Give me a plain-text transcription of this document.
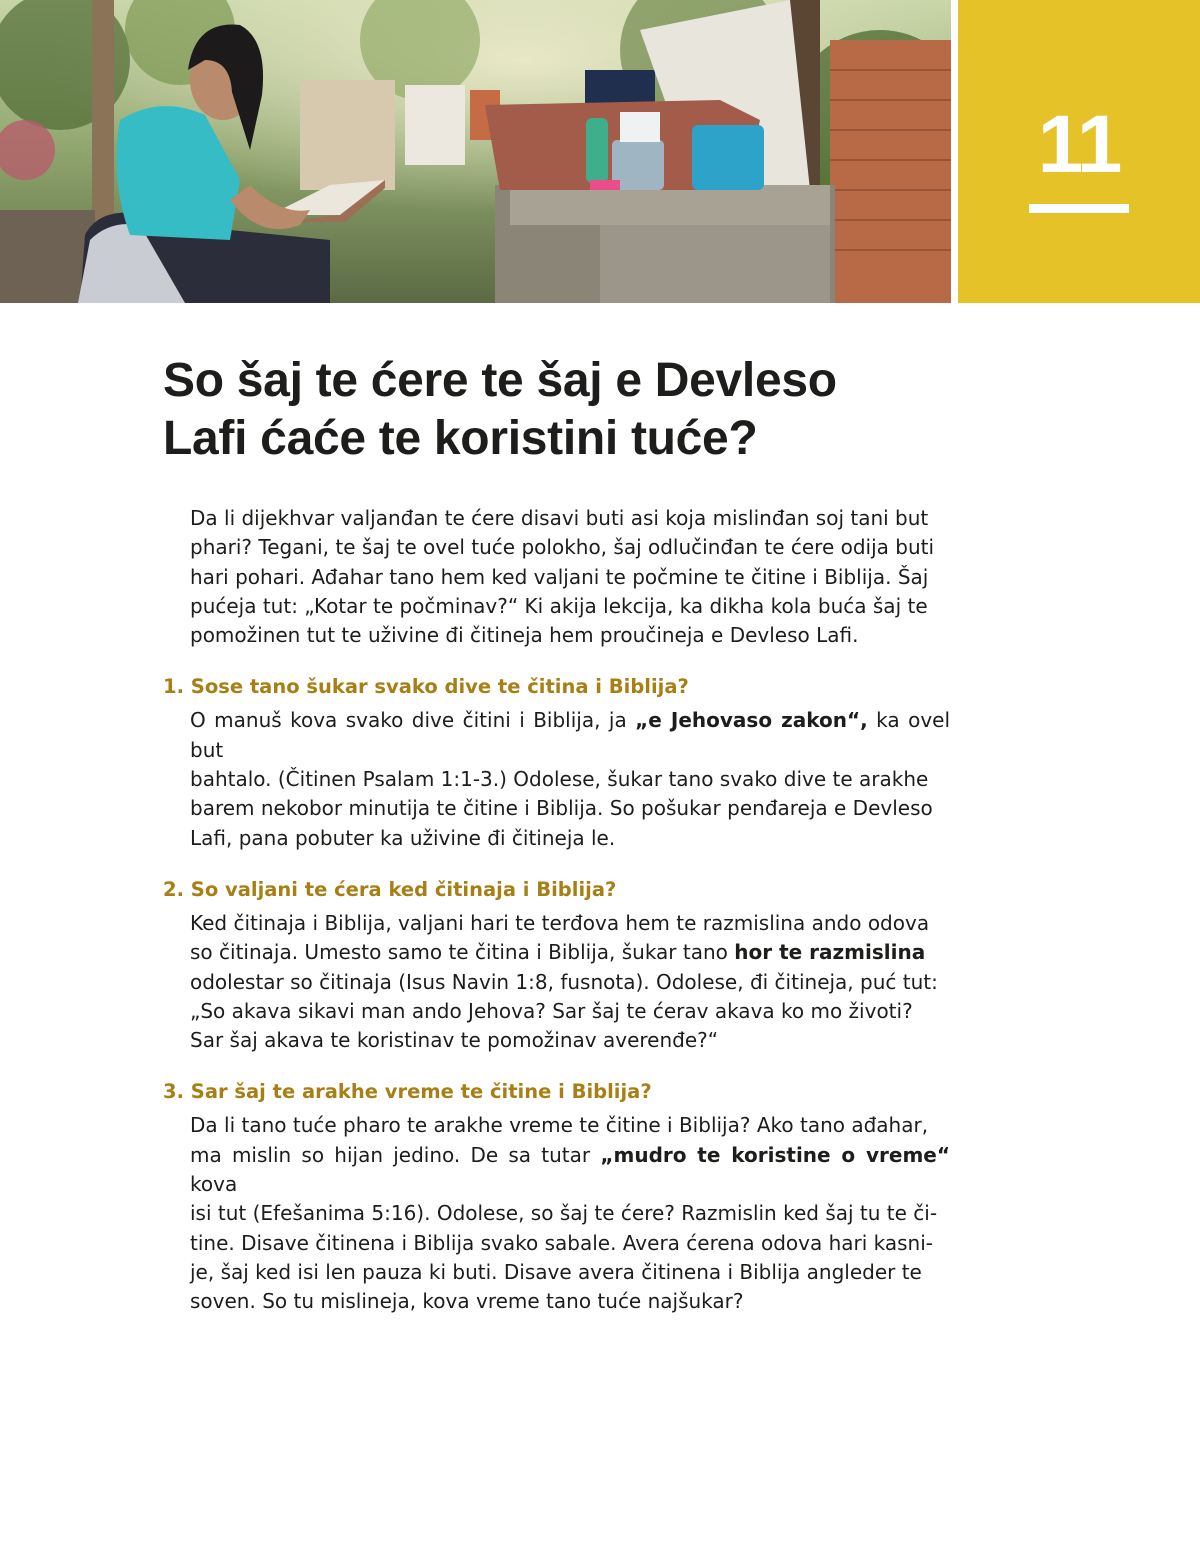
11
So šaj te ćere te šaj e Devleso
Lafi ćaće te koristini tuće?

Da li dijekhvar valjanđan te ćere disavi buti asi koja mislinđan soj tani but
phari? Tegani, te šaj te ovel tuće polokho, šaj odlučinđan te ćere odija buti
hari pohari. Ađahar tano hem ked valjani te počmine te čitine i Biblija. Šaj
pućeja tut: „Kotar te počminav?“ Ki akija lekcija, ka dikha kola buća šaj te
pomožinen tut te uživine đi čitineja hem proučineja e Devleso Lafi.

1. Sose tano šukar svako dive te čitina i Biblija?

O manuš kova svako dive čitini i Biblija, ja „e Jehovaso zakon“, ka ovel but
bahtalo. (Čitinen Psalam 1:1-3.) Odolese, šukar tano svako dive te arakhe
barem nekobor minutija te čitine i Biblija. So pošukar penđareja e Devleso
Lafi, pana pobuter ka uživine đi čitineja le.

2. So valjani te ćera ked čitinaja i Biblija?

Ked čitinaja i Biblija, valjani hari te terđova hem te razmislina ando odova
so čitinaja. Umesto samo te čitina i Biblija, šukar tano hor te razmislina
odolestar so čitinaja (Isus Navin 1:8, fusnota). Odolese, đi čitineja, puć tut:
„So akava sikavi man ando Jehova? Sar šaj te ćerav akava ko mo životi?
Sar šaj akava te koristinav te pomožinav averenđe?“

3. Sar šaj te arakhe vreme te čitine i Biblija?

Da li tano tuće pharo te arakhe vreme te čitine i Biblija? Ako tano ađahar,
ma mislin so hijan jedino. De sa tutar „mudro te koristine o vreme“ kova
isi tut (Efešanima 5:16). Odolese, so šaj te ćere? Razmislin ked šaj tu te či-
tine. Disave čitinena i Biblija svako sabale. Avera ćerena odova hari kasni-
je, šaj ked isi len pauza ki buti. Disave avera čitinena i Biblija angleder te
soven. So tu mislineja, kova vreme tano tuće najšukar?
